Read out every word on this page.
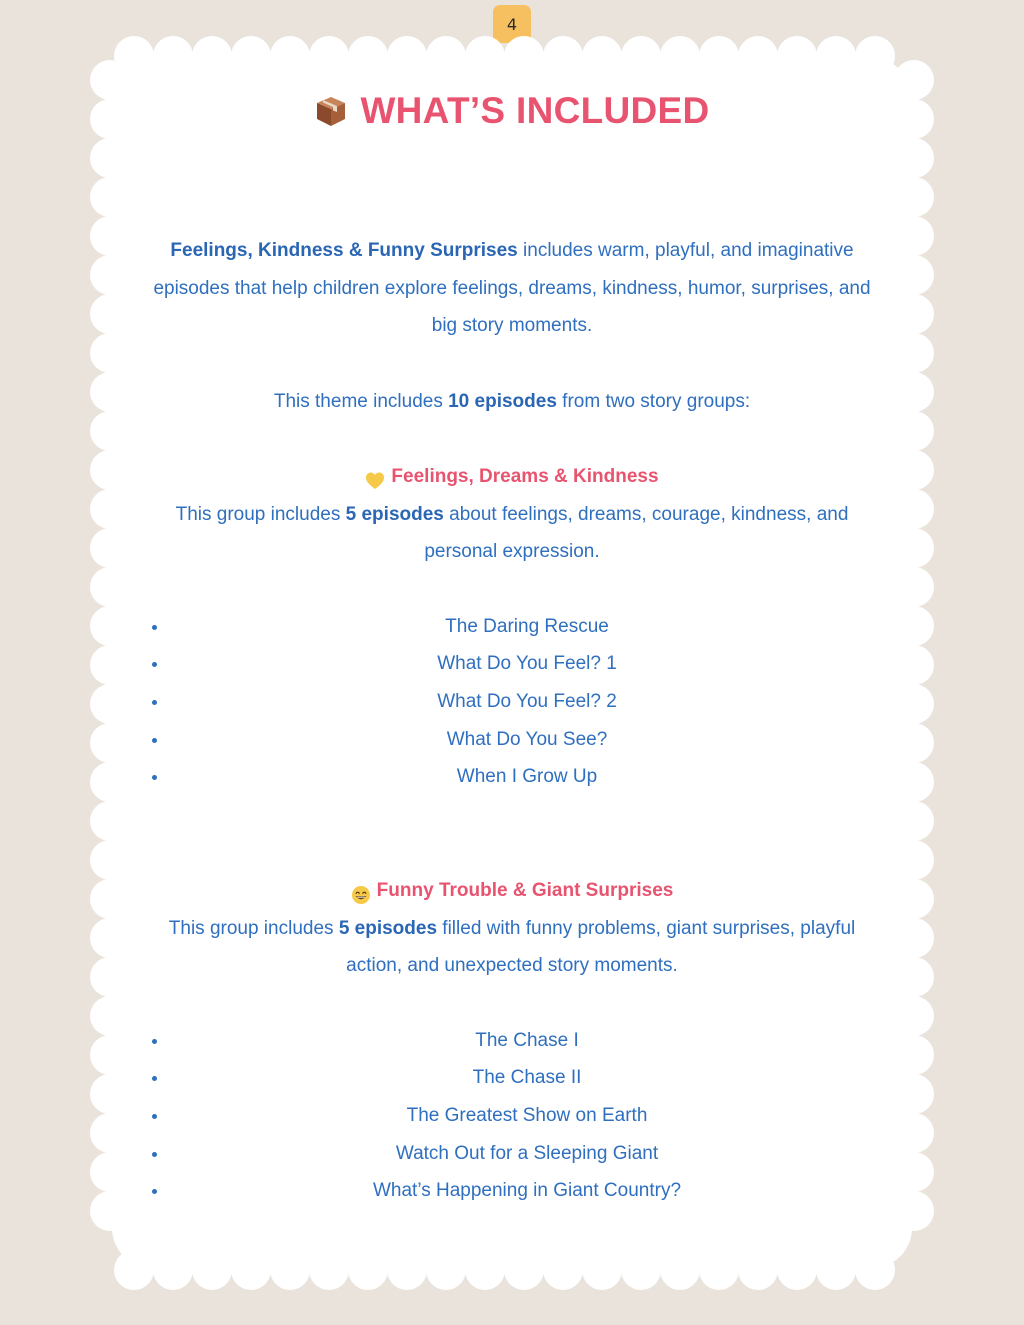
4
WHAT’S INCLUDED

Feelings, Kindness & Funny Surprises includes warm, playful, and imaginative
episodes that help children explore feelings, dreams, kindness, humor, surprises, and big story moments.

This theme includes 10 episodes from two story groups:

Feelings, Dreams & Kindness

This group includes 5 episodes about feelings, dreams, courage, kindness, and personal expression.

The Daring Rescue
What Do You Feel? 1
What Do You Feel? 2
What Do You See?
When I Grow Up
Funny Trouble & Giant Surprises

This group includes 5 episodes filled with funny problems, giant surprises, playful action, and unexpected story moments.

The Chase I
The Chase II
The Greatest Show on Earth
Watch Out for a Sleeping Giant
What’s Happening in Giant Country?
